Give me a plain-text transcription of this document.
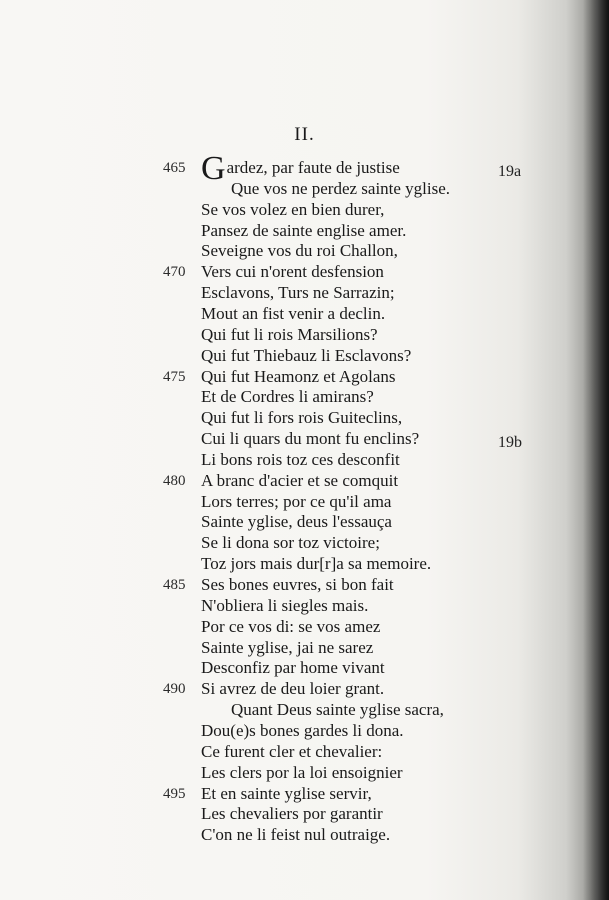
II.
465 Gardez, par faute de justise
Que vos ne perdez sainte yglise.
Se vos volez en bien durer,
Pansez de sainte englise amer.
Seveigne vos du roi Challon,
470 Vers cui n'orent desfension
Esclavons, Turs ne Sarrazin;
Mout an fist venir a declin.
Qui fut li rois Marsilions?
Qui fut Thiebauz li Esclavons?
475 Qui fut Heamonz et Agolans
Et de Cordres li amirans?
Qui fut li fors rois Guiteclins,
Cui li quars du mont fu enclins?
Li bons rois toz ces desconfit
480 A branc d'acier et se comquit
Lors terres; por ce qu'il ama
Sainte yglise, deus l'essauça
Se li dona sor toz victoire;
Toz jors mais dur[r]a sa memoire.
485 Ses bones euvres, si bon fait
N'obliera li siegles mais.
Por ce vos di: se vos amez
Sainte yglise, jai ne sarez
Desconfiz par home vivant
490 Si avrez de deu loier grant.
Quant Deus sainte yglise sacra,
Dou(e)s bones gardes li dona.
Ce furent cler et chevalier:
Les clers por la loi ensoignier
495 Et en sainte yglise servir,
Les chevaliers por garantir
C'on ne li feist nul outraige.
19a
19b
